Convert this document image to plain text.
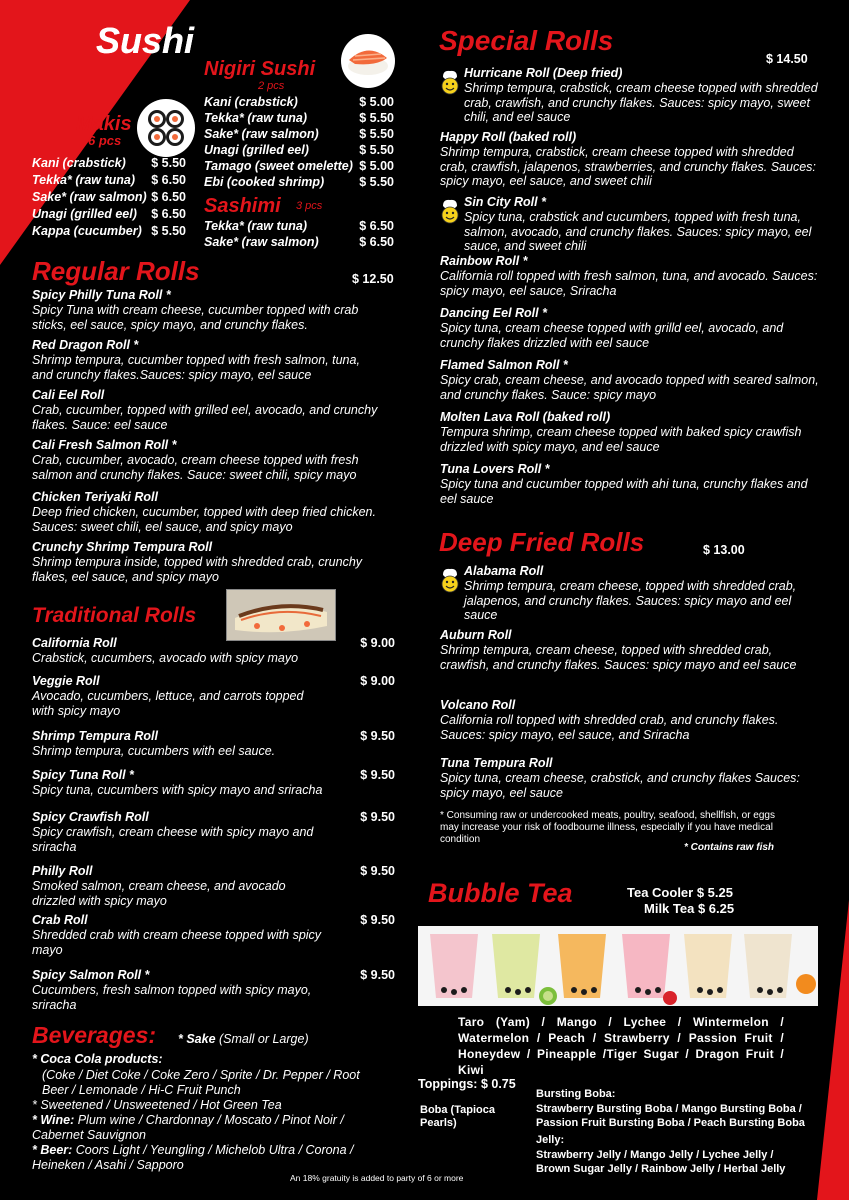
Sushi
Nigiri Sushi
2 pcs
Kani (crabstick)	$ 5.00
Tekka* (raw tuna)	$ 5.50
Sake* (raw salmon)	$ 5.50
Unagi (grilled eel)	$ 5.50
Tamago (sweet omelette) $ 5.00
Ebi (cooked shrimp)	$ 5.50
Makis
6 pcs
Kani (crabstick) $ 5.50
Tekka* (raw tuna) $ 6.50
Sake* (raw salmon) $ 6.50
Unagi (grilled eel) $ 6.50
Kappa (cucumber) $ 5.50
Sashimi 3 pcs
Tekka* (raw tuna)	$ 6.50
Sake* (raw salmon)	$ 6.50
Regular Rolls	$ 12.50
Spicy Philly Tuna Roll *
Spicy Tuna with cream cheese, cucumber topped with crab sticks, eel sauce, spicy mayo, and crunchy flakes.
Red Dragon Roll *
Shrimp tempura, cucumber topped with fresh salmon, tuna, and crunchy flakes.Sauces: spicy mayo, eel sauce
Cali Eel Roll
Crab, cucumber, topped with grilled eel, avocado, and crunchy flakes. Sauce: eel sauce
Cali Fresh Salmon Roll *
Crab, cucumber, avocado, cream cheese topped with fresh salmon and crunchy flakes. Sauce: sweet chili, spicy mayo
Chicken Teriyaki Roll
Deep fried chicken, cucumber, topped with deep fried chicken. Sauces: sweet chili, eel sauce, and spicy mayo
Crunchy Shrimp Tempura Roll
Shrimp tempura inside, topped with shredded crab, crunchy flakes, eel sauce, and spicy mayo
Traditional Rolls
California Roll	$ 9.00
Crabstick, cucumbers, avocado with spicy mayo
Veggie Roll	$ 9.00
Avocado, cucumbers, lettuce, and carrots topped with spicy mayo
Shrimp Tempura Roll	$ 9.50
Shrimp tempura, cucumbers with eel sauce.
Spicy Tuna Roll *	$ 9.50
Spicy tuna, cucumbers with spicy mayo and sriracha
Spicy Crawfish Roll	$ 9.50
Spicy crawfish, cream cheese with spicy mayo and sriracha
Philly Roll	$ 9.50
Smoked salmon, cream cheese, and avocado drizzled with spicy mayo
Crab Roll	$ 9.50
Shredded crab with cream cheese topped with spicy mayo
Spicy Salmon Roll *	$ 9.50
Cucumbers, fresh salmon topped with spicy mayo, sriracha
Beverages: * Sake (Small or Large)
* Coca Cola products:
(Coke / Diet Coke / Coke Zero / Sprite / Dr. Pepper / Root Beer / Lemonade / Hi-C Fruit Punch
* Sweetened / Unsweetened / Hot Green Tea
* Wine: Plum wine / Chardonnay / Moscato / Pinot Noir / Cabernet Sauvignon
* Beer: Coors Light / Yeungling / Michelob Ultra / Corona / Heineken / Asahi / Sapporo
Special Rolls
$ 14.50
Hurricane Roll (Deep fried)
Shrimp tempura, crabstick, cream cheese topped with shredded crab, crawfish, and crunchy flakes. Sauces: spicy mayo, sweet chili, and eel sauce
Happy Roll (baked roll)
Shrimp tempura, crabstick, cream cheese topped with shredded crab, crawfish, jalapenos, strawberries, and crunchy flakes. Sauces: spicy mayo, eel sauce, and sweet chili
Sin City Roll *
Spicy tuna, crabstick and cucumbers, topped with fresh tuna, salmon, avocado, and crunchy flakes. Sauces: spicy mayo, eel sauce, and sweet chili
Rainbow Roll *
California roll topped with fresh salmon, tuna, and avocado. Sauces: spicy mayo, eel sauce, Sriracha
Dancing Eel Roll *
Spicy tuna, cream cheese topped with grilld eel, avocado, and crunchy flakes drizzled with eel sauce
Flamed Salmon Roll *
Spicy crab, cream cheese, and avocado topped with seared salmon, and crunchy flakes. Sauce: spicy mayo
Molten Lava Roll (baked roll)
Tempura shrimp, cream cheese topped with baked spicy crawfish drizzled with spicy mayo, and eel sauce
Tuna Lovers Roll *
Spicy tuna and cucumber topped with ahi tuna, crunchy flakes and eel sauce
Deep Fried Rolls	$ 13.00
Alabama Roll
Shrimp tempura, cream cheese, topped with shredded crab, jalapenos, and crunchy flakes. Sauces: spicy mayo and eel sauce
Auburn Roll
Shrimp tempura, cream cheese, topped with shredded crab, crawfish, and crunchy flakes. Sauces: spicy mayo and eel sauce
Volcano Roll
California roll topped with shredded crab, and crunchy flakes. Sauces: spicy mayo, eel sauce, and Sriracha
Tuna Tempura Roll
Spicy tuna, cream cheese, crabstick, and crunchy flakes Sauces: spicy mayo, eel sauce
* Consuming raw or undercooked meats, poultry, seafood, shellfish, or eggs may increase your risk of foodbourne illness, especially if you have medical condition
* Contains raw fish
Bubble Tea	Tea Cooler $ 5.25
Milk Tea $ 6.25
Taro (Yam) / Mango / Lychee / Wintermelon / Watermelon / Peach / Strawberry / Passion Fruit / Honeydew / Pineapple /Tiger Sugar / Dragon Fruit / Kiwi
Toppings: $ 0.75
Boba (Tapioca Pearls)
Bursting Boba:
Strawberry Bursting Boba / Mango Bursting Boba / Passion Fruit Bursting Boba / Peach Bursting Boba
Jelly:
Strawberry Jelly / Mango Jelly / Lychee Jelly / Brown Sugar Jelly / Rainbow Jelly / Herbal Jelly
An 18% gratuity is added to party of 6 or more
